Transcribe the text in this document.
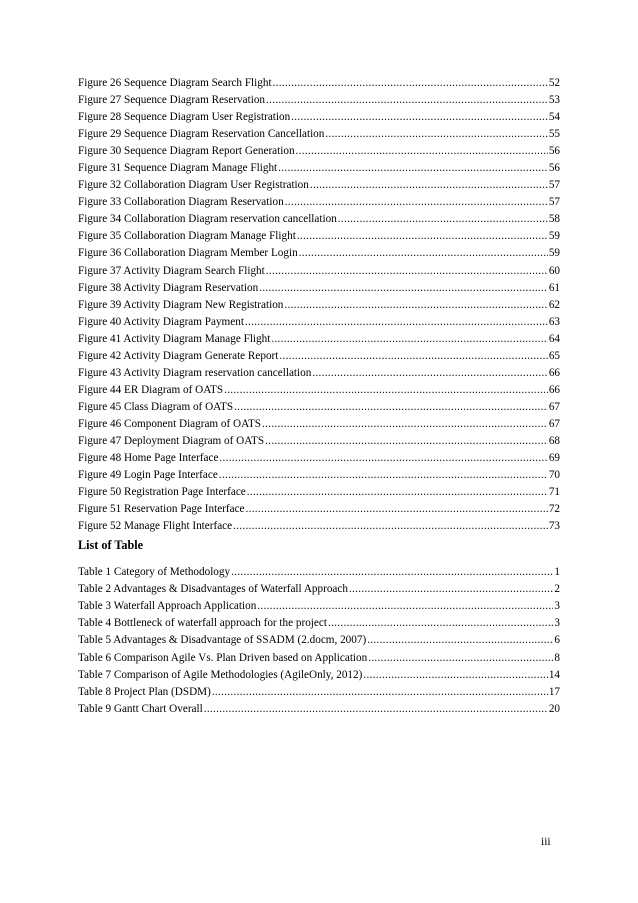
Figure 26 Sequence Diagram Search Flight .....	52
Figure 27 Sequence Diagram Reservation .....	53
Figure 28 Sequence Diagram User Registration .....	54
Figure 29 Sequence Diagram Reservation Cancellation .....	55
Figure 30 Sequence Diagram Report Generation .....	56
Figure 31 Sequence Diagram Manage Flight .....	56
Figure 32 Collaboration Diagram User Registration .....	57
Figure 33 Collaboration Diagram Reservation .....	57
Figure 34 Collaboration Diagram reservation cancellation .....	58
Figure 35 Collaboration Diagram Manage Flight .....	59
Figure 36 Collaboration Diagram Member Login .....	59
Figure 37 Activity Diagram Search Flight .....	60
Figure 38 Activity Diagram Reservation .....	61
Figure 39 Activity Diagram New Registration .....	62
Figure 40 Activity Diagram Payment .....	63
Figure 41 Activity Diagram Manage Flight .....	64
Figure 42 Activity Diagram Generate Report .....	65
Figure 43 Activity Diagram reservation cancellation .....	66
Figure 44 ER Diagram of OATS .....	66
Figure 45 Class Diagram of OATS .....	67
Figure 46 Component Diagram of OATS .....	67
Figure 47 Deployment Diagram of OATS .....	68
Figure 48 Home Page Interface .....	69
Figure 49 Login Page Interface .....	70
Figure 50 Registration Page Interface .....	71
Figure 51 Reservation Page Interface .....	72
Figure 52 Manage Flight Interface .....	73
List of Table
Table 1 Category of Methodology .....	1
Table 2 Advantages & Disadvantages of Waterfall Approach .....	2
Table 3 Waterfall Approach Application .....	3
Table 4 Bottleneck of waterfall approach for the project .....	3
Table 5 Advantages & Disadvantage of SSADM (2.docm, 2007) .....	6
Table 6 Comparison Agile Vs. Plan Driven based on Application .....	8
Table 7 Comparison of Agile Methodologies (AgileOnly, 2012) .....	14
Table 8 Project Plan (DSDM) .....	17
Table 9 Gantt Chart Overall .....	20
iii
